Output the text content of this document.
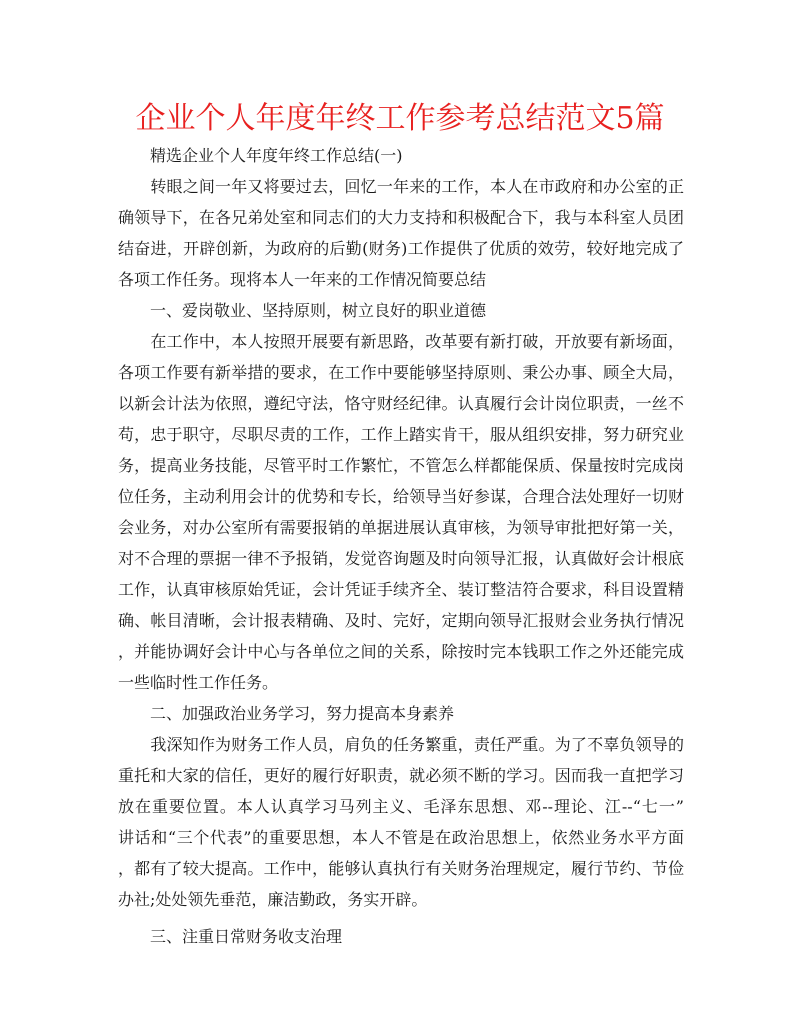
企业个人年度年终工作参考总结范文5篇
精选企业个人年度年终工作总结(一)
　　转眼之间一年又将要过去，回忆一年来的工作，本人在市政府和办公室的正
确领导下，在各兄弟处室和同志们的大力支持和积极配合下，我与本科室人员团
结奋进，开辟创新，为政府的后勤(财务)工作提供了优质的效劳，较好地完成了
各项工作任务。现将本人一年来的工作情况简要总结
　　一、爱岗敬业、坚持原则，树立良好的职业道德
　　在工作中，本人按照开展要有新思路，改革要有新打破，开放要有新场面，
各项工作要有新举措的要求，在工作中要能够坚持原则、秉公办事、顾全大局，
以新会计法为依照，遵纪守法，恪守财经纪律。认真履行会计岗位职责，一丝不
苟，忠于职守，尽职尽责的工作，工作上踏实肯干，服从组织安排，努力研究业
务，提高业务技能，尽管平时工作繁忙，不管怎么样都能保质、保量按时完成岗
位任务，主动利用会计的优势和专长，给领导当好参谋，合理合法处理好一切财
会业务，对办公室所有需要报销的单据进展认真审核，为领导审批把好第一关，
对不合理的票据一律不予报销，发觉咨询题及时向领导汇报，认真做好会计根底
工作，认真审核原始凭证，会计凭证手续齐全、装订整洁符合要求，科目设置精
确、帐目清晰，会计报表精确、及时、完好，定期向领导汇报财会业务执行情况
，并能协调好会计中心与各单位之间的关系，除按时完本钱职工作之外还能完成
一些临时性工作任务。
　　二、加强政治业务学习，努力提高本身素养
　　我深知作为财务工作人员，肩负的任务繁重，责任严重。为了不辜负领导的
重托和大家的信任，更好的履行好职责，就必须不断的学习。因而我一直把学习
放在重要位置。本人认真学习马列主义、毛泽东思想、邓--理论、江--“七一”
讲话和“三个代表”的重要思想，本人不管是在政治思想上，依然业务水平方面
，都有了较大提高。工作中，能够认真执行有关财务治理规定，履行节约、节俭
办社;处处领先垂范，廉洁勤政，务实开辟。
　　三、注重日常财务收支治理
